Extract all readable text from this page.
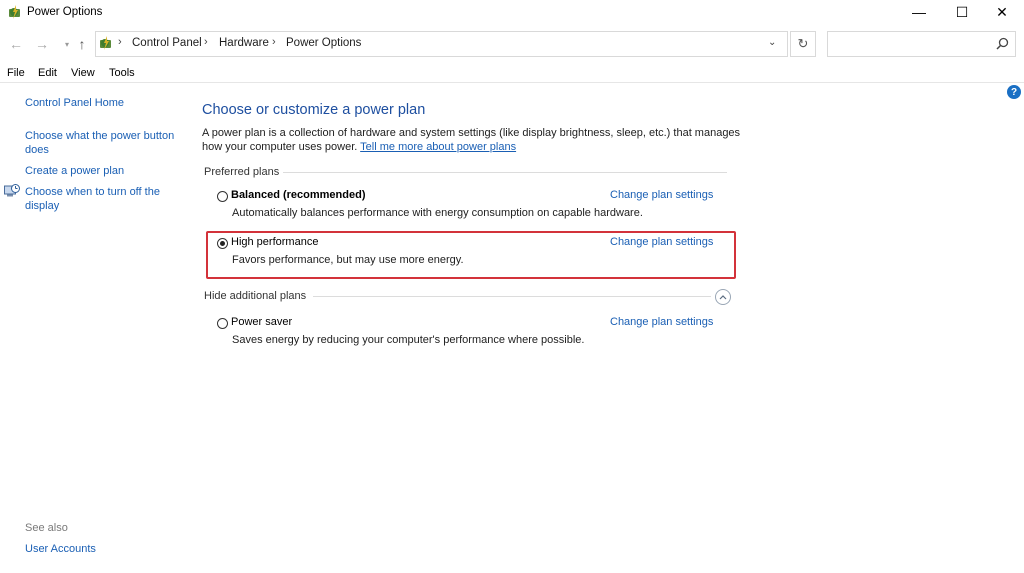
Power Options	—	☐	✕
← →	▾ ↑	› Control Panel › Hardware › Power Options	⌄	↻
File Edit View Tools
?
Control Panel Home
Choose what the power button does
Create a power plan
Choose when to turn off the display
See also
User Accounts
Choose or customize a power plan
A power plan is a collection of hardware and system settings (like display brightness, sleep, etc.) that manages how your computer uses power. Tell me more about power plans
Preferred plans
Balanced (recommended)	Change plan settings
Automatically balances performance with energy consumption on capable hardware.
High performance	Change plan settings
Favors performance, but may use more energy.
Hide additional plans
Power saver	Change plan settings
Saves energy by reducing your computer's performance where possible.
